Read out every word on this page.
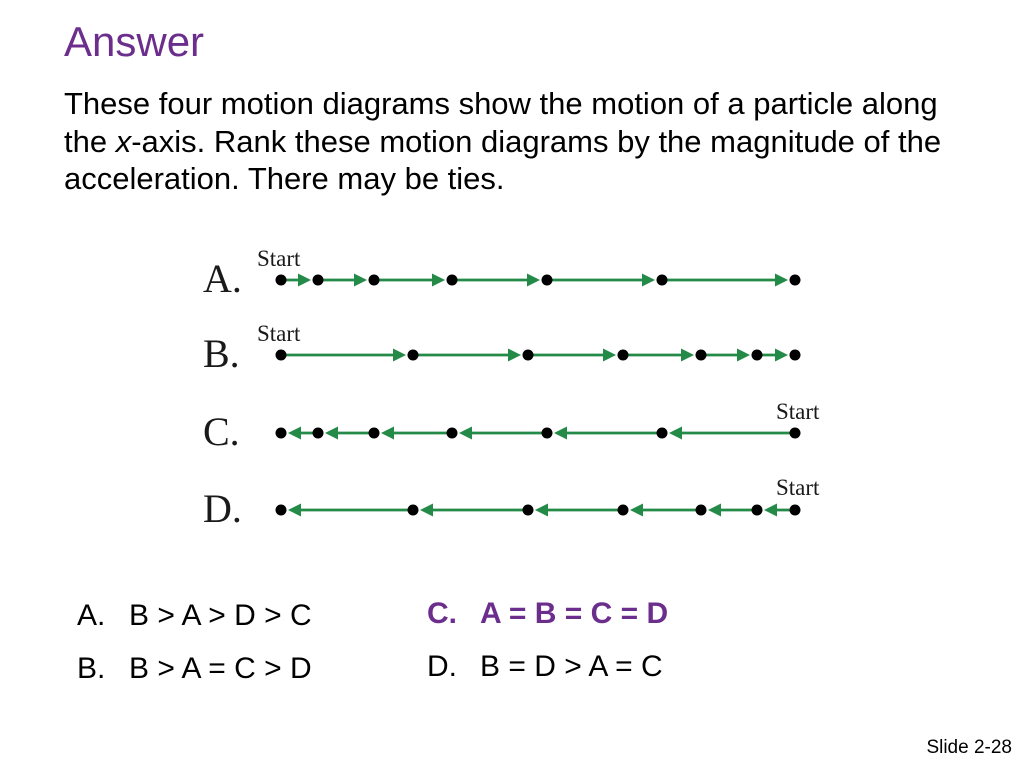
Answer

These four motion diagrams show the motion of a particle along the x-axis. Rank these motion diagrams by the magnitude of the acceleration. There may be ties.

A. Start
B. Start
C.	Start
D.	Start
A. B > A > D > C
B. B > A = C > D
C. A = B = C = D
D. B = D > A = C
Slide 2-28
